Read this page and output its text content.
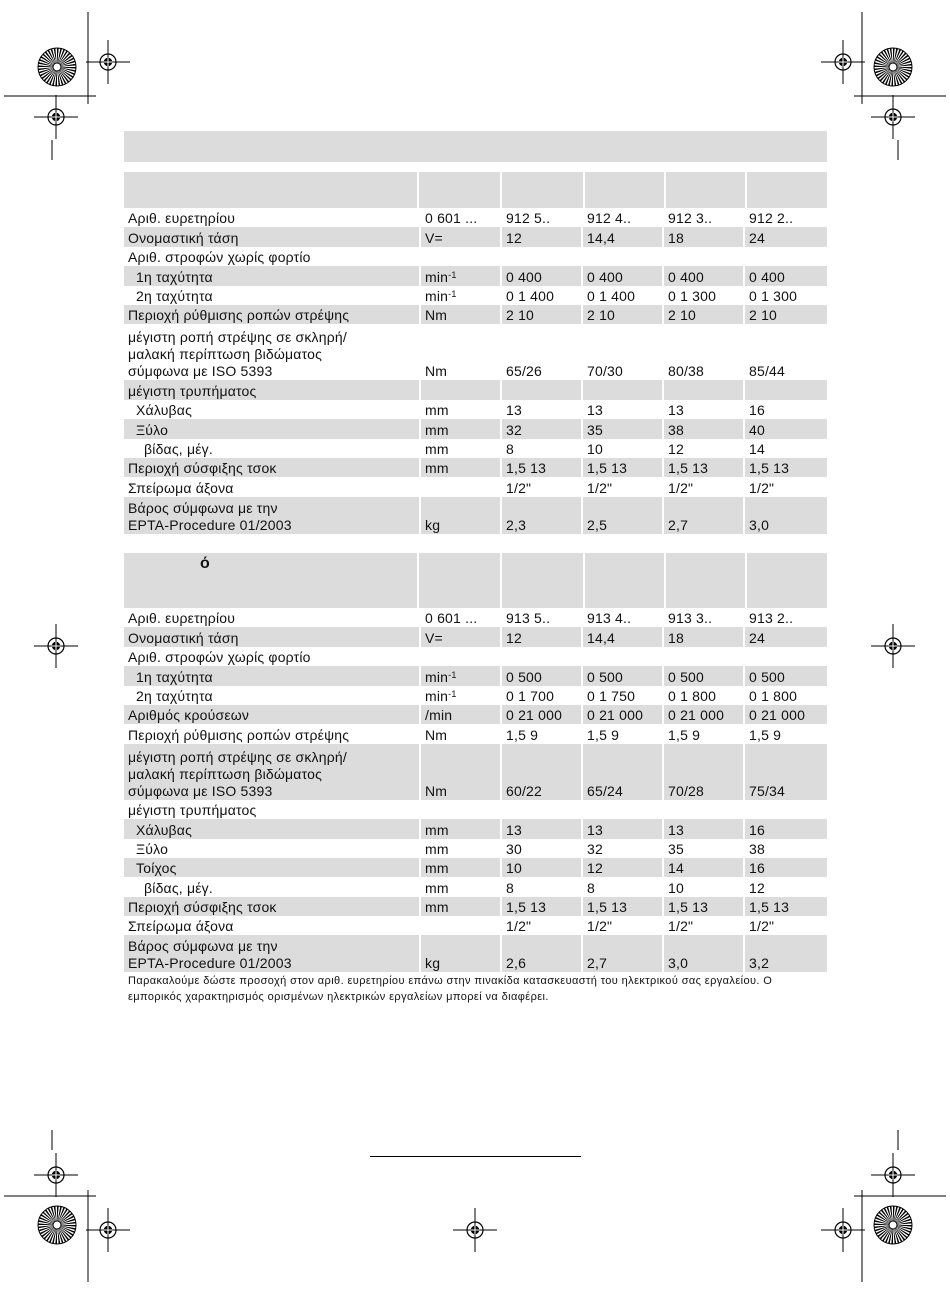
Αριθ. ευρετηρίου	0 601 ...	912 5..	912 4..	912 3..	912 2..

Ονομαστική τάση	V=	12	14,4	18	24

Αριθ. στροφών χωρίς φορτίο					

1η ταχύτητα	$\min^{-1}$	0 400	0 400	0 400	0 400

2η ταχύτητα	$\min^{-1}$	0 1 400	0 1 400	0 1 300	0 1 300

Περιοχή ρύθμισης ροπών στρέψης	Nm	2 10	2 10	2 10	2 10

μέγιστη ροπή στρέψης σε σκληρή/
μαλακή περίπτωση βιδώματος
σύμφωνα με ISO 5393	Nm	65/26	70/30	80/38	85/44

μέγιστη τρυπήματος					

Χάλυβας	mm	13	13	13	16

Ξύλο	mm	32	35	38	40

βίδας, μέγ.	mm	8	10	12	14

Περιοχή σύσφιξης τσοκ	mm	1,5 13	1,5 13	1,5 13	1,5 13

Σπείρωμα άξονα		1/2"	1/2"	1/2"	1/2"

Βάρος σύμφωνα με την
EPTA-Procedure 01/2003	kg	2,3	2,5	2,7	3,0
ό
Αριθ. ευρετηρίου	0 601 ...	913 5..	913 4..	913 3..	913 2..

Ονομαστική τάση	V=	12	14,4	18	24

Αριθ. στροφών χωρίς φορτίο					

1η ταχύτητα	$\min^{-1}$	0 500	0 500	0 500	0 500

2η ταχύτητα	$\min^{-1}$	0 1 700	0 1 750	0 1 800	0 1 800

Αριθμός κρούσεων	/min	0 21 000	0 21 000	0 21 000	0 21 000

Περιοχή ρύθμισης ροπών στρέψης	Nm	1,5 9	1,5 9	1,5 9	1,5 9

μέγιστη ροπή στρέψης σε σκληρή/
μαλακή περίπτωση βιδώματος
σύμφωνα με ISO 5393	Nm	60/22	65/24	70/28	75/34

μέγιστη τρυπήματος					

Χάλυβας	mm	13	13	13	16

Ξύλο	mm	30	32	35	38

Τοίχος	mm	10	12	14	16

βίδας, μέγ.	mm	8	8	10	12

Περιοχή σύσφιξης τσοκ	mm	1,5 13	1,5 13	1,5 13	1,5 13

Σπείρωμα άξονα		1/2"	1/2"	1/2"	1/2"

Βάρος σύμφωνα με την
EPTA-Procedure 01/2003	kg	2,6	2,7	3,0	3,2
Παρακαλούμε δώστε προσοχή στον αριθ. ευρετηρίου επάνω στην πινακίδα κατασκευαστή του ηλεκτρικού σας εργαλείου. Ο εμπορικός χαρακτηρισμός ορισμένων ηλεκτρικών εργαλείων μπορεί να διαφέρει.
